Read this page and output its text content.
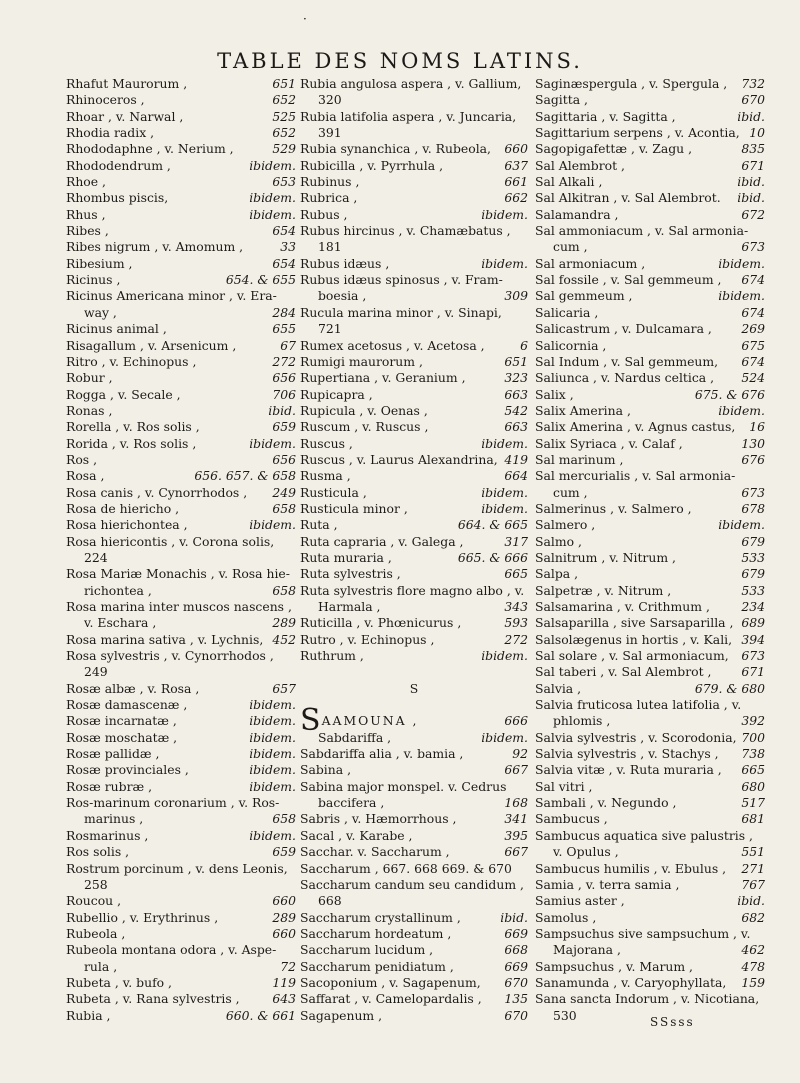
·
TABLE DES NOMS LATINS.
Rhafut Maurorum ,	651
Rhinoceros ,	652
Rhoar , v. Narwal ,	525
Rhodia radix ,	652
Rhododaphne , v. Nerium ,	529
Rhododendrum ,	ibidem.
Rhoe ,	653
Rhombus piscis,	ibidem.
Rhus ,	ibidem.
Ribes ,	654
Ribes nigrum , v. Amomum ,	33
Ribesium ,	654
Ricinus ,	654. & 655
Ricinus Americana minor , v. Era-
way ,	284
Ricinus animal ,	655
Risagallum , v. Arsenicum ,	67
Ritro , v. Echinopus ,	272
Robur ,	656
Rogga , v. Secale ,	706
Ronas ,	ibid.
Rorella , v. Ros solis ,	659
Rorida , v. Ros solis ,	ibidem.
Ros ,	656
Rosa ,	656. 657. & 658
Rosa canis , v. Cynorrhodos , 249
Rosa de hiericho ,	658
Rosa hierichontea ,	ibidem.
Rosa hiericontis , v. Corona solis,
224
Rosa Mariæ Monachis , v. Rosa hie-
richontea ,	658
Rosa marina inter muscos nascens ,
v. Eschara ,	289
Rosa marina sativa , v. Lychnis, 452
Rosa sylvestris , v. Cynorrhodos ,
249
Rosæ albæ , v. Rosa ,	657
Rosæ damascenæ ,	ibidem.
Rosæ incarnatæ ,	ibidem.
Rosæ moschatæ ,	ibidem.
Rosæ pallidæ ,	ibidem.
Rosæ provinciales ,	ibidem.
Rosæ rubræ ,	ibidem.
Ros-marinum coronarium , v. Ros-
marinus ,	658
Rosmarinus ,	ibidem.
Ros solis ,	659
Rostrum porcinum , v. dens Leonis,
258
Roucou ,	660
Rubellio , v. Erythrinus ,	289
Rubeola ,	660
Rubeola montana odora , v. Aspe-
rula ,	72
Rubeta , v. bufo ,	119
Rubeta , v. Rana sylvestris ,	643
Rubia ,	660. & 661
Rubia angulosa aspera , v. Gallium,
320
Rubia latifolia aspera , v. Juncaria,
391
Rubia synanchica , v. Rubeola, 660
Rubicilla , v. Pyrrhula ,	637
Rubinus ,	661
Rubrica ,	662
Rubus ,	ibidem.
Rubus hircinus , v. Chamæbatus ,
181
Rubus idæus ,	ibidem.
Rubus idæus spinosus , v. Fram-
boesia ,	309
Rucula marina minor , v. Sinapi,
721
Rumex acetosus , v. Acetosa ,	6
Rumigi maurorum ,	651
Rupertiana , v. Geranium ,	323
Rupicapra ,	663
Rupicula , v. Oenas ,	542
Ruscum , v. Ruscus ,	663
Ruscus ,	ibidem.
Ruscus , v. Laurus Alexandrina, 419
Rusma ,	664
Rusticula ,	ibidem.
Rusticula minor ,	ibidem.
Ruta ,	664. & 665
Ruta capraria , v. Galega ,	317
Ruta muraria ,	665. & 666
Ruta sylvestris ,	665
Ruta sylvestris flore magno albo , v.
Harmala ,	343
Ruticilla , v. Phœnicurus ,	593
Rutro , v. Echinopus ,	272
Ruthrum ,	ibidem.
S
SAAMOUNA ,	666
Sabdariffa ,	ibidem.
Sabdariffa alia , v. bamia ,	92
Sabina ,	667
Sabina major monspel. v. Cedrus
baccifera ,	168
Sabris , v. Hæmorrhous ,	341
Sacal , v. Karabe ,	395
Sacchar. v. Saccharum ,	667
Saccharum , 667. 668 669. & 670
Saccharum candum seu candidum ,
668
Saccharum crystallinum ,	ibid.
Saccharum hordeatum ,	669
Saccharum lucidum ,	668
Saccharum penidiatum ,	669
Sacoponium , v. Sagapenum, 670
Saffarat , v. Camelopardalis , 135
Sagapenum ,	670
Saginæspergula , v. Spergula , 732
Sagitta ,	670
Sagittaria , v. Sagitta ,	ibid.
Sagittarium serpens , v. Acontia, 10
Sagopigafettæ , v. Zagu ,	835
Sal Alembrot ,	671
Sal Alkali ,	ibid.
Sal Alkitran , v. Sal Alembrot. ibid.
Salamandra ,	672
Sal ammoniacum , v. Sal armonia-
cum ,	673
Sal armoniacum ,	ibidem.
Sal fossile , v. Sal gemmeum , 674
Sal gemmeum ,	ibidem.
Salicaria ,	674
Salicastrum , v. Dulcamara , 269
Salicornia ,	675
Sal Indum , v. Sal gemmeum, 674
Saliunca , v. Nardus celtica , 524
Salix ,	675. & 676
Salix Amerina ,	ibidem.
Salix Amerina , v. Agnus castus, 16
Salix Syriaca , v. Calaf ,	130
Sal marinum ,	676
Sal mercurialis , v. Sal armonia-
cum ,	673
Salmerinus , v. Salmero ,	678
Salmero ,	ibidem.
Salmo ,	679
Salnitrum , v. Nitrum ,	533
Salpa ,	679
Salpetræ , v. Nitrum ,	533
Salsamarina , v. Crithmum ,	234
Salsaparilla , sive Sarsaparilla , 689
Salsolægenus in hortis , v. Kali, 394
Sal solare , v. Sal armoniacum, 673
Sal taberi , v. Sal Alembrot , 671
Salvia ,	679. & 680
Salvia fruticosa lutea latifolia , v.
phlomis ,	392
Salvia sylvestris , v. Scorodonia, 700
Salvia sylvestris , v. Stachys , 738
Salvia vitæ , v. Ruta muraria , 665
Sal vitri ,	680
Sambali , v. Negundo ,	517
Sambucus ,	681
Sambucus aquatica sive palustris ,
v. Opulus ,	551
Sambucus humilis , v. Ebulus , 271
Samia , v. terra samia ,	767
Samius aster ,	ibid.
Samolus ,	682
Sampsuchus sive sampsuchum , v.
Majorana ,	462
Sampsuchus , v. Marum ,	478
Sanamunda , v. Caryophyllata, 159
Sana sancta Indorum , v. Nicotiana,
530	SSsss
